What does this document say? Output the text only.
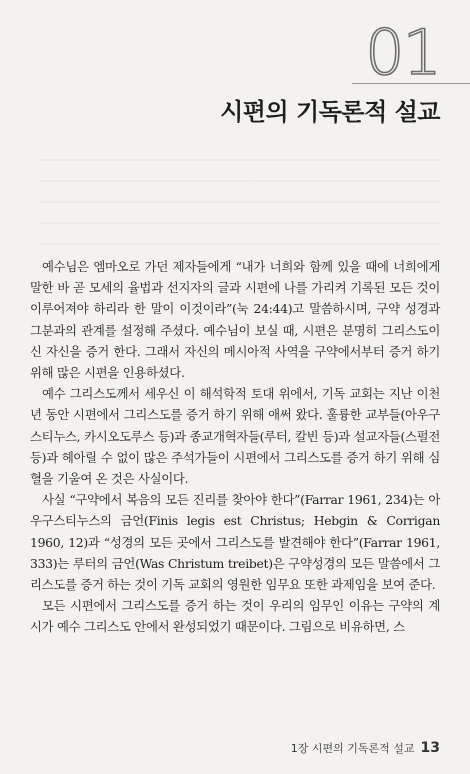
01
시편의 기독론적 설교

예수님은 엠마오로 가던 제자들에게 “내가 너희와 함께 있을 때에 너희에게 말한 바 곧 모세의 율법과 선지자의 글과 시편에 나를 가리켜 기록된 모든 것이 이루어져야 하리라 한 말이 이것이라”(눅 24:44)고 말씀하시며, 구약 성경과 그분과의 관계를 설정해 주셨다. 예수님이 보실 때, 시편은 분명히 그리스도이신 자신을 증거 한다. 그래서 자신의 메시아적 사역을 구약에서부터 증거 하기 위해 많은 시편을 인용하셨다.

예수 그리스도께서 세우신 이 해석학적 토대 위에서, 기독 교회는 지난 이천 년 동안 시편에서 그리스도를 증거 하기 위해 애써 왔다. 훌륭한 교부들(아우구스티누스, 카시오도루스 등)과 종교개혁자들(루터, 칼빈 등)과 설교자들(스펄전 등)과 헤아릴 수 없이 많은 주석가들이 시편에서 그리스도를 증거 하기 위해 심혈을 기울여 온 것은 사실이다.

사실 “구약에서 복음의 모든 진리를 찾아야 한다”(Farrar 1961, 234)는 아우구스티누스의 금언(Finis legis est Christus; Hebgin & Corrigan 1960, 12)과 “성경의 모든 곳에서 그리스도를 발견해야 한다”(Farrar 1961, 333)는 루터의 금언(Was Christum treibet)은 구약성경의 모든 말씀에서 그리스도를 증거 하는 것이 기독 교회의 영원한 임무요 또한 과제임을 보여 준다.

모든 시편에서 그리스도를 증거 하는 것이 우리의 임무인 이유는 구약의 계시가 예수 그리스도 안에서 완성되었기 때문이다. 그림으로 비유하면, 스

1장 시편의 기독론적 설교 13
